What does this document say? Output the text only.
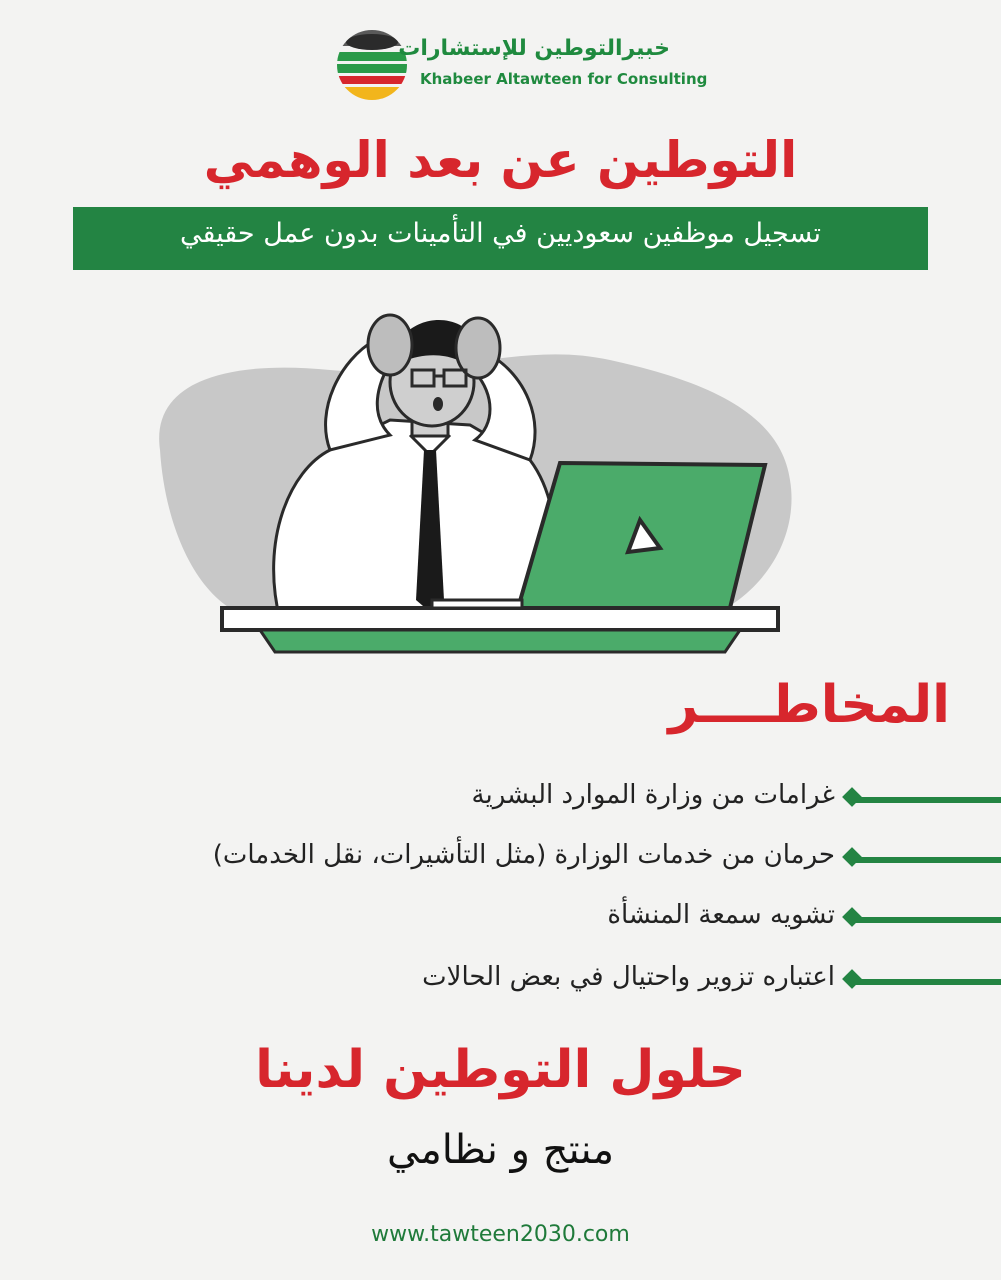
خبيرالتوطين للإستشارات
Khabeer Altawteen for Consulting
التوطين عن بعد الوهمي
تسجيل موظفين سعوديين في التأمينات بدون عمل حقيقي
المخاطــــر
غرامات من وزارة الموارد البشرية
حرمان من خدمات الوزارة (مثل التأشيرات، نقل الخدمات)
تشويه سمعة المنشأة
اعتباره تزوير واحتيال في بعض الحالات
حلول التوطين لدينا
منتج و نظامي
www.tawteen2030.com
